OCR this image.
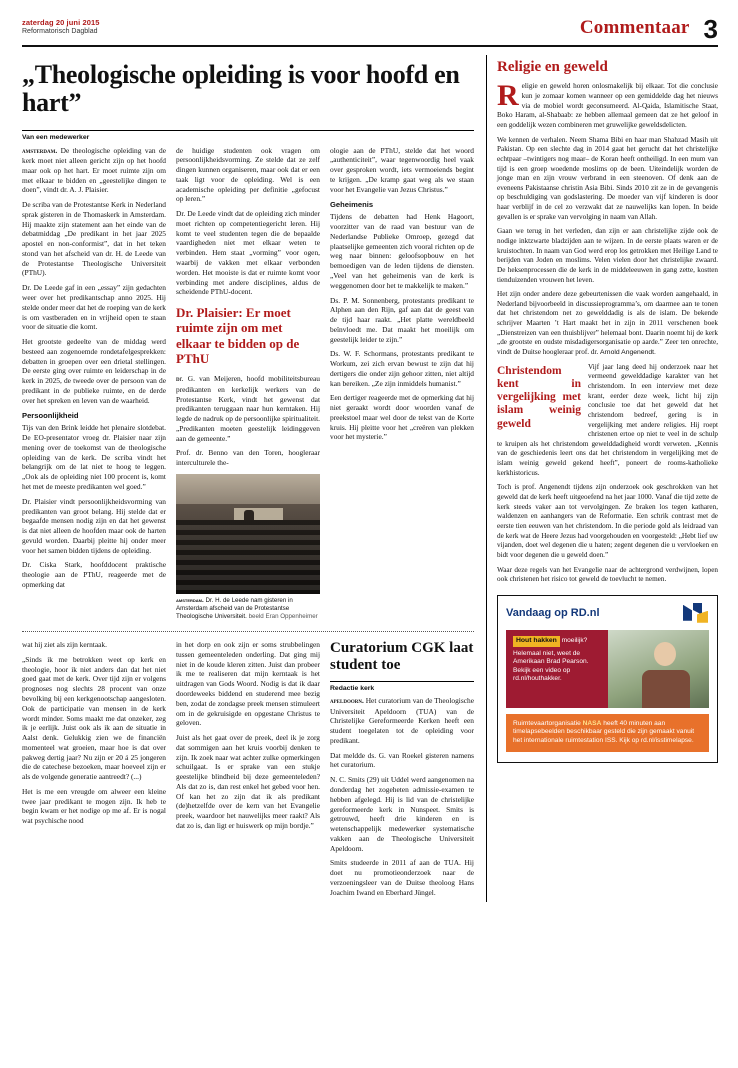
zaterdag 20 juni 2015
Reformatorisch Dagblad	Commentaar 3
„Theologische opleiding is voor hoofd en hart”
Van een medewerker

amsterdam. De theologische opleiding van de kerk moet niet alleen gericht zijn op het hoofd maar ook op het hart. Er moet ruimte zijn om met elkaar te bidden en „geestelijke dingen te doen”, vindt dr. A. J. Plaisier.

De scriba van de Protestantse Kerk in Nederland sprak gisteren in de Thomaskerk in Amsterdam. Hij maakte zijn statement aan het einde van de debatmiddag „De predikant in het jaar 2025 apostel en non-conformist”, dat in het teken stond van het afscheid van dr. H. de Leede van de Protestantse Theologische Universiteit (PThU).

Dr. De Leede gaf in een „essay” zijn gedachten weer over het predikantschap anno 2025. Hij stelde onder meer dat het de roeping van de kerk is om vastberaden en in vrijheid open te staan voor de situatie die komt.

Het grootste gedeelte van de middag werd besteed aan zogenoemde rondetafelgesprekken: debatten in groepen over een drietal stellingen. De eerste ging over ruimte en leiderschap in de kerk in 2025, de tweede over de persoon van de predikant in de publieke ruimte, en de derde over het spreken en leven van de waarheid.

Persoonlijkheid

Tijs van den Brink leidde het plenaire slotdebat. De EO-presentator vroeg dr. Plaisier naar zijn mening over de toekomst van de theologische opleiding van de kerk. De scriba vindt het belangrijk om de lat niet te hoog te leggen. „Ook als de opleiding niet 100 procent is, komt het met de meeste predikanten wel goed.”

Dr. Plaisier vindt persoonlijkheidsvorming van predikanten van groot belang. Hij stelde dat er begaafde mensen nodig zijn en dat het gewenst is dat niet alleen de hoofden maar ook de harten gevuld worden. Daarbij pleitte hij onder meer voor het samen bidden tijdens de opleiding.

Dr. Ciska Stark, hoofddocent praktische theologie aan de PThU, reageerde met de opmerking dat

de huidige studenten ook vragen om persoonlijkheidsvorming. Ze stelde dat ze zelf dingen kunnen organiseren, maar ook dat er een taak ligt voor de opleiding. Wel is een academische opleiding per definitie „gefocust op leren.”

Dr. De Leede vindt dat de opleiding zich minder moet richten op competentiegericht leren. Hij komt te veel studenten tegen die de bepaalde vaardigheden niet met elkaar weten te verbinden. Hem staat „vorming” voor ogen, waarbij de vakken met elkaar verbonden worden. Het mooiste is dat er ruimte komt voor verbinding met andere disciplines, aldus de scheidende PThU-docent.

Dr. Plaisier: Er moet ruimte zijn om met elkaar te bidden op de PThU

dr. G. van Meijeren, hoofd mobiliteitsbureau predikanten en kerkelijk werkers van de Protestantse Kerk, vindt het gewenst dat predikanten teruggaan naar hun kerntaken. Hij legde de nadruk op de persoonlijke spiritualiteit. „Predikanten moeten geestelijk leidinggeven aan de gemeente.”

Prof. dr. Benno van den Toren, hoogleraar interculturele the-

amsterdam. Dr. H. de Leede nam gisteren in Amsterdam afscheid van de Protestantse Theologische Universiteit. beeld Eran Oppenheimer

ologie aan de PThU, stelde dat het woord „authenticiteit”, waar tegenwoordig heel vaak over gesproken wordt, iets vermoeiends begint te krijgen. „De kramp gaat weg als we staan voor het Evangelie van Jezus Christus.”

Geheimenis

Tijdens de debatten had Henk Hagoort, voorzitter van de raad van bestuur van de Nederlandse Publieke Omroep, gezegd dat plaatselijke gemeenten zich vooral richten op de weg naar binnen: geloofsopbouw en het bemoedigen van de leden tijdens de diensten. „Veel van het geheimenis van de kerk is weggenomen door het te makkelijk te maken.”

Ds. P. M. Sonnenberg, protestants predikant te Alphen aan den Rijn, gaf aan dat de geest van de tijd haar raakt. „Het platte wereldbeeld beïnvloedt me. Dat maakt het moeilijk om geestelijk leider te zijn.”

Ds. W. F. Schormans, protestants predikant te Workum, zei zich ervan bewust te zijn dat hij dertigers die onder zijn gehoor zitten, niet altijd kan bereiken. „Ze zijn inmiddels humanist.”

Een dertiger reageerde met de opmerking dat hij niet geraakt wordt door woorden vanaf de preekstoel maar wel door de tekst van de Korte kruis. Hij pleitte voor het „creëren van plekken voor het mysterie.”

wat hij ziet als zijn kerntaak.

„Sinds ik me betrokken weet op kerk en theologie, hoor ik niet anders dan dat het niet goed gaat met de kerk. Over tijd zijn er volgens prognoses nog slechts 28 procent van onze bevolking bij een kerkgenootschap aangesloten. Ook de participatie van mensen in de kerk wordt minder. Soms maakt me dat onzeker, zeg ik je eerlijk. Juist ook als ik aan de situatie in Aalst denk. Gelukkig zien we de financiën momenteel wat groeien, maar hoe is dat over pakweg dertig jaar? Nu zijn er 20 á 25 jongeren die de catechese bezoeken, maar hoeveel zijn er als de volgende generatie aantreedt? (...)

Het is me een vreugde om alweer een kleine twee jaar predikant te mogen zijn. Ik heb te begin kwam er het nodige op me af. Er is nogal wat psychische nood

in het dorp en ook zijn er soms strubbelingen tussen gemeenteleden onderling. Dat ging mij niet in de koude kleren zitten. Juist dan probeer ik me te realiseren dat mijn kerntaak is het uitdragen van Gods Woord. Nodig is dat ik daar doordeweeks biddend en studerend mee bezig ben, zodat de zondagse preek mensen stimuleert om in de gekruisigde en opgestane Christus te geloven.

Juist als het gaat over de preek, deel ik je zorg dat sommigen aan het kruis voorbij denken te zijn. Ik zoek naar wat achter zulke opmerkingen schuilgaat. Is er sprake van een stukje geestelijke blindheid bij deze gemeenteleden? Als dat zo is, dan rest enkel het gebed voor hen. Of kan het zo zijn dat ik als predikant (de)hetzelfde over de kern van het Evangelie preek, waardoor het nauwelijks meer raakt? Als dat zo is, dan ligt er huiswerk op mijn bordje.”

Curatorium CGK laat student toe
Redactie kerk

apeldoorn. Het curatorium van de Theologische Universiteit Apeldoorn (TUA) van de Christelijke Gereformeerde Kerken heeft een student toegelaten tot de opleiding voor predikant.

Dat meldde ds. G. van Roekel gisteren namens het curatorium.

N. C. Smits (29) uit Uddel werd aangenomen na donderdag het zogeheten admissie-examen te hebben afgelegd. Hij is lid van de christelijke gereformeerde kerk in Nunspeet. Smits is getrouwd, heeft drie kinderen en is wetenschappelijk medewerker systematische vakken aan de Theologische Universiteit Apeldoorn.

Smits studeerde in 2011 af aan de TUA. Hij doet nu promotieonderzoek naar de verzoeningsleer van de Duitse theoloog Hans Joachim Iwand en Eberhard Jüngel.

Religie en geweld

Religie en geweld horen onlosmakelijk bij elkaar. Tot die conclusie kun je zomaar komen wanneer op een gemiddelde dag het nieuws via de mobiel wordt geconsumeerd. Al-Qaida, Islamitische Staat, Boko Haram, al-Shabaab: ze hebben allemaal gemeen dat ze het geloof in een goddelijk wezen combineren met gruwelijke geweldsdelicten.

We kennen de verhalen. Neem Shama Bibi en haar man Shahzad Masih uit Pakistan. Op een slechte dag in 2014 gaat het gerucht dat het christelijke echtpaar –twintigers nog maar– de Koran heeft ontheiligd. In een mum van tijd is een groep woedende moslims op de been. Uiteindelijk worden de jonge man en zijn vrouw verbrand in een steenoven. Of denk aan de eveneens Pakistaanse christin Asia Bibi. Sinds 2010 zit ze in de gevangenis op beschuldiging van godslastering. De moeder van vijf kinderen is door haar verblijf in de cel zo verzwakt dat ze nauwelijks kan lopen. In beide gevallen is er sprake van vervolging in naam van Allah.

Gaan we terug in het verleden, dan zijn er aan christelijke zijde ook de nodige inktzwarte bladzijden aan te wijzen. In de eerste plaats waren er de kruistochten. In naam van God werd erop los getrokken met Heilige Land te berijden van Joden en moslims. Velen vielen door het christelijke zwaard. De heksenprocessen die de kerk in de middeleeuwen in gang zette, kostten tienduizenden vrouwen het leven.

Het zijn onder andere deze gebeurtenissen die vaak worden aangehaald, in Nederland bijvoorbeeld in discussieprogramma’s, om daarmee aan te tonen dat het christendom net zo gewelddadig is als de islam. De bekende schrijver Maarten ’t Hart maakt het in zijn in 2011 verschenen boek „Dienstreizen van een thuisblijver” helemaal bont. Daarin noemt hij de kerk „de grootste en oudste misdadigersorganisatie op aarde.” Zeer ten onrechte, vindt de Duitse hoogleraar prof. dr. Arnold Angenendt.

Christendom kent in vergelijking met islam weinig geweld
Vijf jaar lang deed hij onderzoek naar het vermeend gewelddadige karakter van het christendom. In een interview met deze krant, eerder deze week, licht hij zijn conclusie toe dat het geweld dat het christendom bedreef, gering is in vergelijking met andere religies. Hij roept christenen ertoe op niet te veel in de schulp te kruipen als het christendom gewelddadigheid wordt verweten. „Kennis van de geschiedenis leert ons dat het christendom in vergelijking met de islam weinig geweld gekend heeft”, poneert de rooms-katholieke kerkhistoricus.

Toch is prof. Angenendt tijdens zijn onderzoek ook geschrokken van het geweld dat de kerk heeft uitgeoefend na het jaar 1000. Vanaf die tijd zette de kerk steeds vaker aan tot vervolgingen. Ze braken los tegen katharen, waldenzen en aanhangers van de Reformatie. Een schrik contrast met de eerste tien eeuwen van het christendom. In die periode gold als leidraad van de kerk wat de Heere Jezus had voorgehouden en voorgesteld: „Hebt lief uw vijanden, doet wel degenen die u haten; zegent degenen die u vervloeken en bidt voor degenen die u geweld doen.”

Waar deze regels van het Evangelie naar de achtergrond verdwijnen, lopen ook christenen het risico tot geweld de toevlucht te nemen.

Vandaag op RD.nl
Hout hakken moeilijk? Helemaal niet, weet de Amerikaan Brad Pearson. Bekijk een video op rd.nl/houthakker.
Ruimtevaartorganisatie NASA heeft 40 minuten aan timelapsebeelden beschikbaar gesteld die zijn gemaakt vanuit het internationale ruimtestation ISS. Kijk op rd.nl/isstimelapse.
